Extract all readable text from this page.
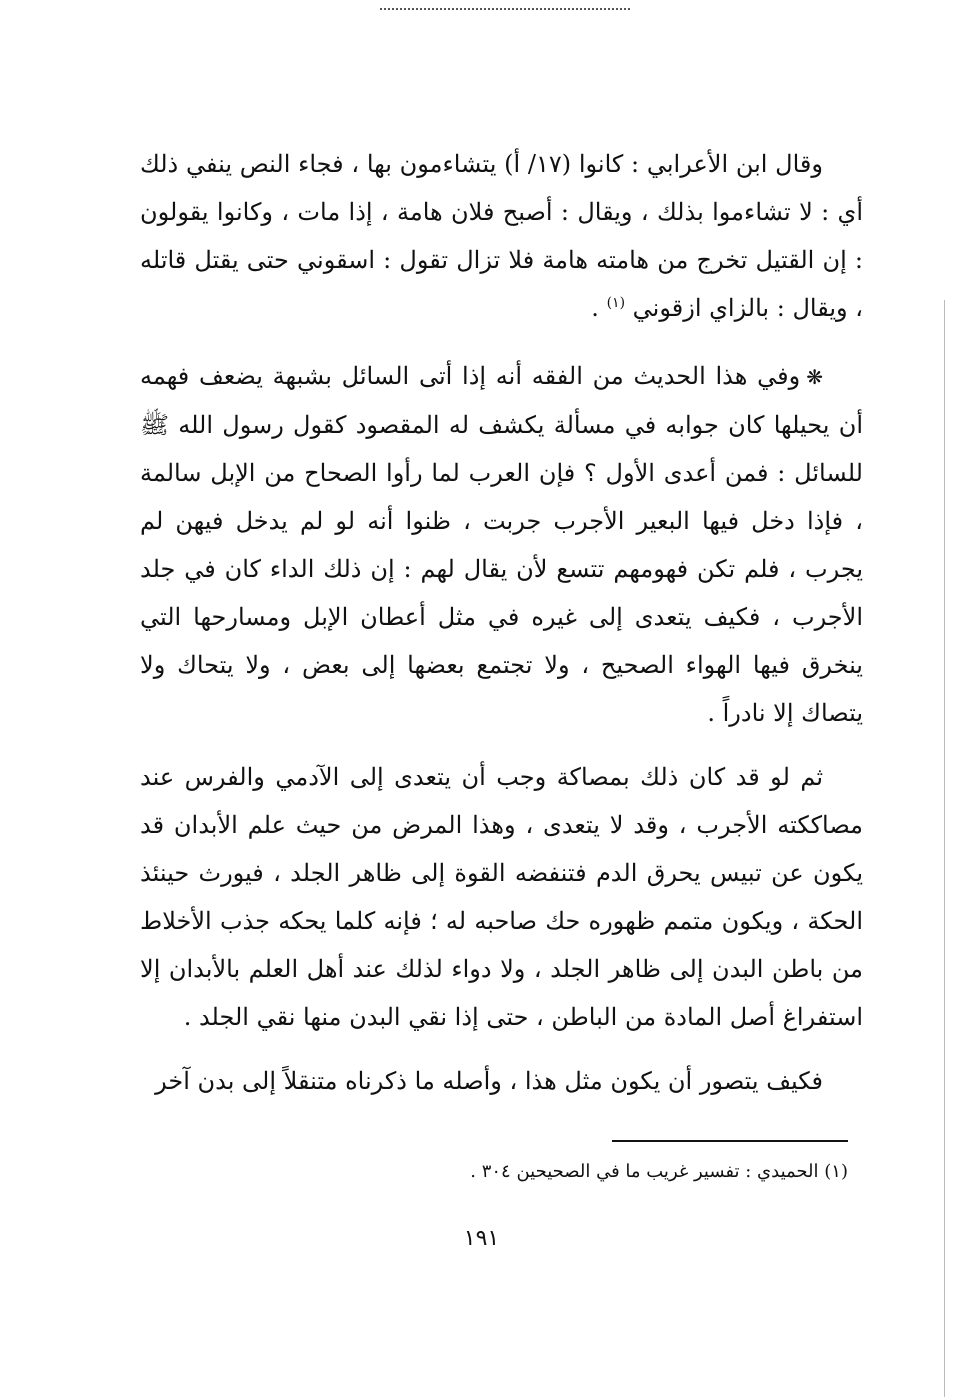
وقال ابن الأعرابي : كانوا (١٧/ أ) يتشاءمون بها ، فجاء النص ينفي ذلك أي : لا تشاءموا بذلك ، ويقال : أصبح فلان هامة ، إذا مات ، وكانوا يقولون : إن القتيل تخرج من هامته هامة فلا تزال تقول : اسقوني حتى يقتل قاتله ، ويقال : بالزاي ازقوني $^{(١)}$ .

❋وفي هذا الحديث من الفقه أنه إذا أتى السائل بشبهة يضعف فهمه أن يحيلها كان جوابه في مسألة يكشف له المقصود كقول رسول الله ﷺ للسائل : فمن أعدى الأول ؟ فإن العرب لما رأوا الصحاح من الإبل سالمة ، فإذا دخل فيها البعير الأجرب جربت ، ظنوا أنه لو لم يدخل فيهن لم يجرب ، فلم تكن فهومهم تتسع لأن يقال لهم : إن ذلك الداء كان في جلد الأجرب ، فكيف يتعدى إلى غيره في مثل أعطان الإبل ومسارحها التي ينخرق فيها الهواء الصحيح ، ولا تجتمع بعضها إلى بعض ، ولا يتحاك ولا يتصاك إلا نادراً .

ثم لو قد كان ذلك بمصاكة وجب أن يتعدى إلى الآدمي والفرس عند مصاككته الأجرب ، وقد لا يتعدى ، وهذا المرض من حيث علم الأبدان قد يكون عن تبيس يحرق الدم فتنفضه القوة إلى ظاهر الجلد ، فيورث حينئذ الحكة ، ويكون متمم ظهوره حك صاحبه له ؛ فإنه كلما يحكه جذب الأخلاط من باطن البدن إلى ظاهر الجلد ، ولا دواء لذلك عند أهل العلم بالأبدان إلا استفراغ أصل المادة من الباطن ، حتى إذا نقي البدن منها نقي الجلد .

فكيف يتصور أن يكون مثل هذا ، وأصله ما ذكرناه متنقلاً إلى بدن آخر

(١) الحميدي : تفسير غريب ما في الصحيحين ٣٠٤ .
١٩١
